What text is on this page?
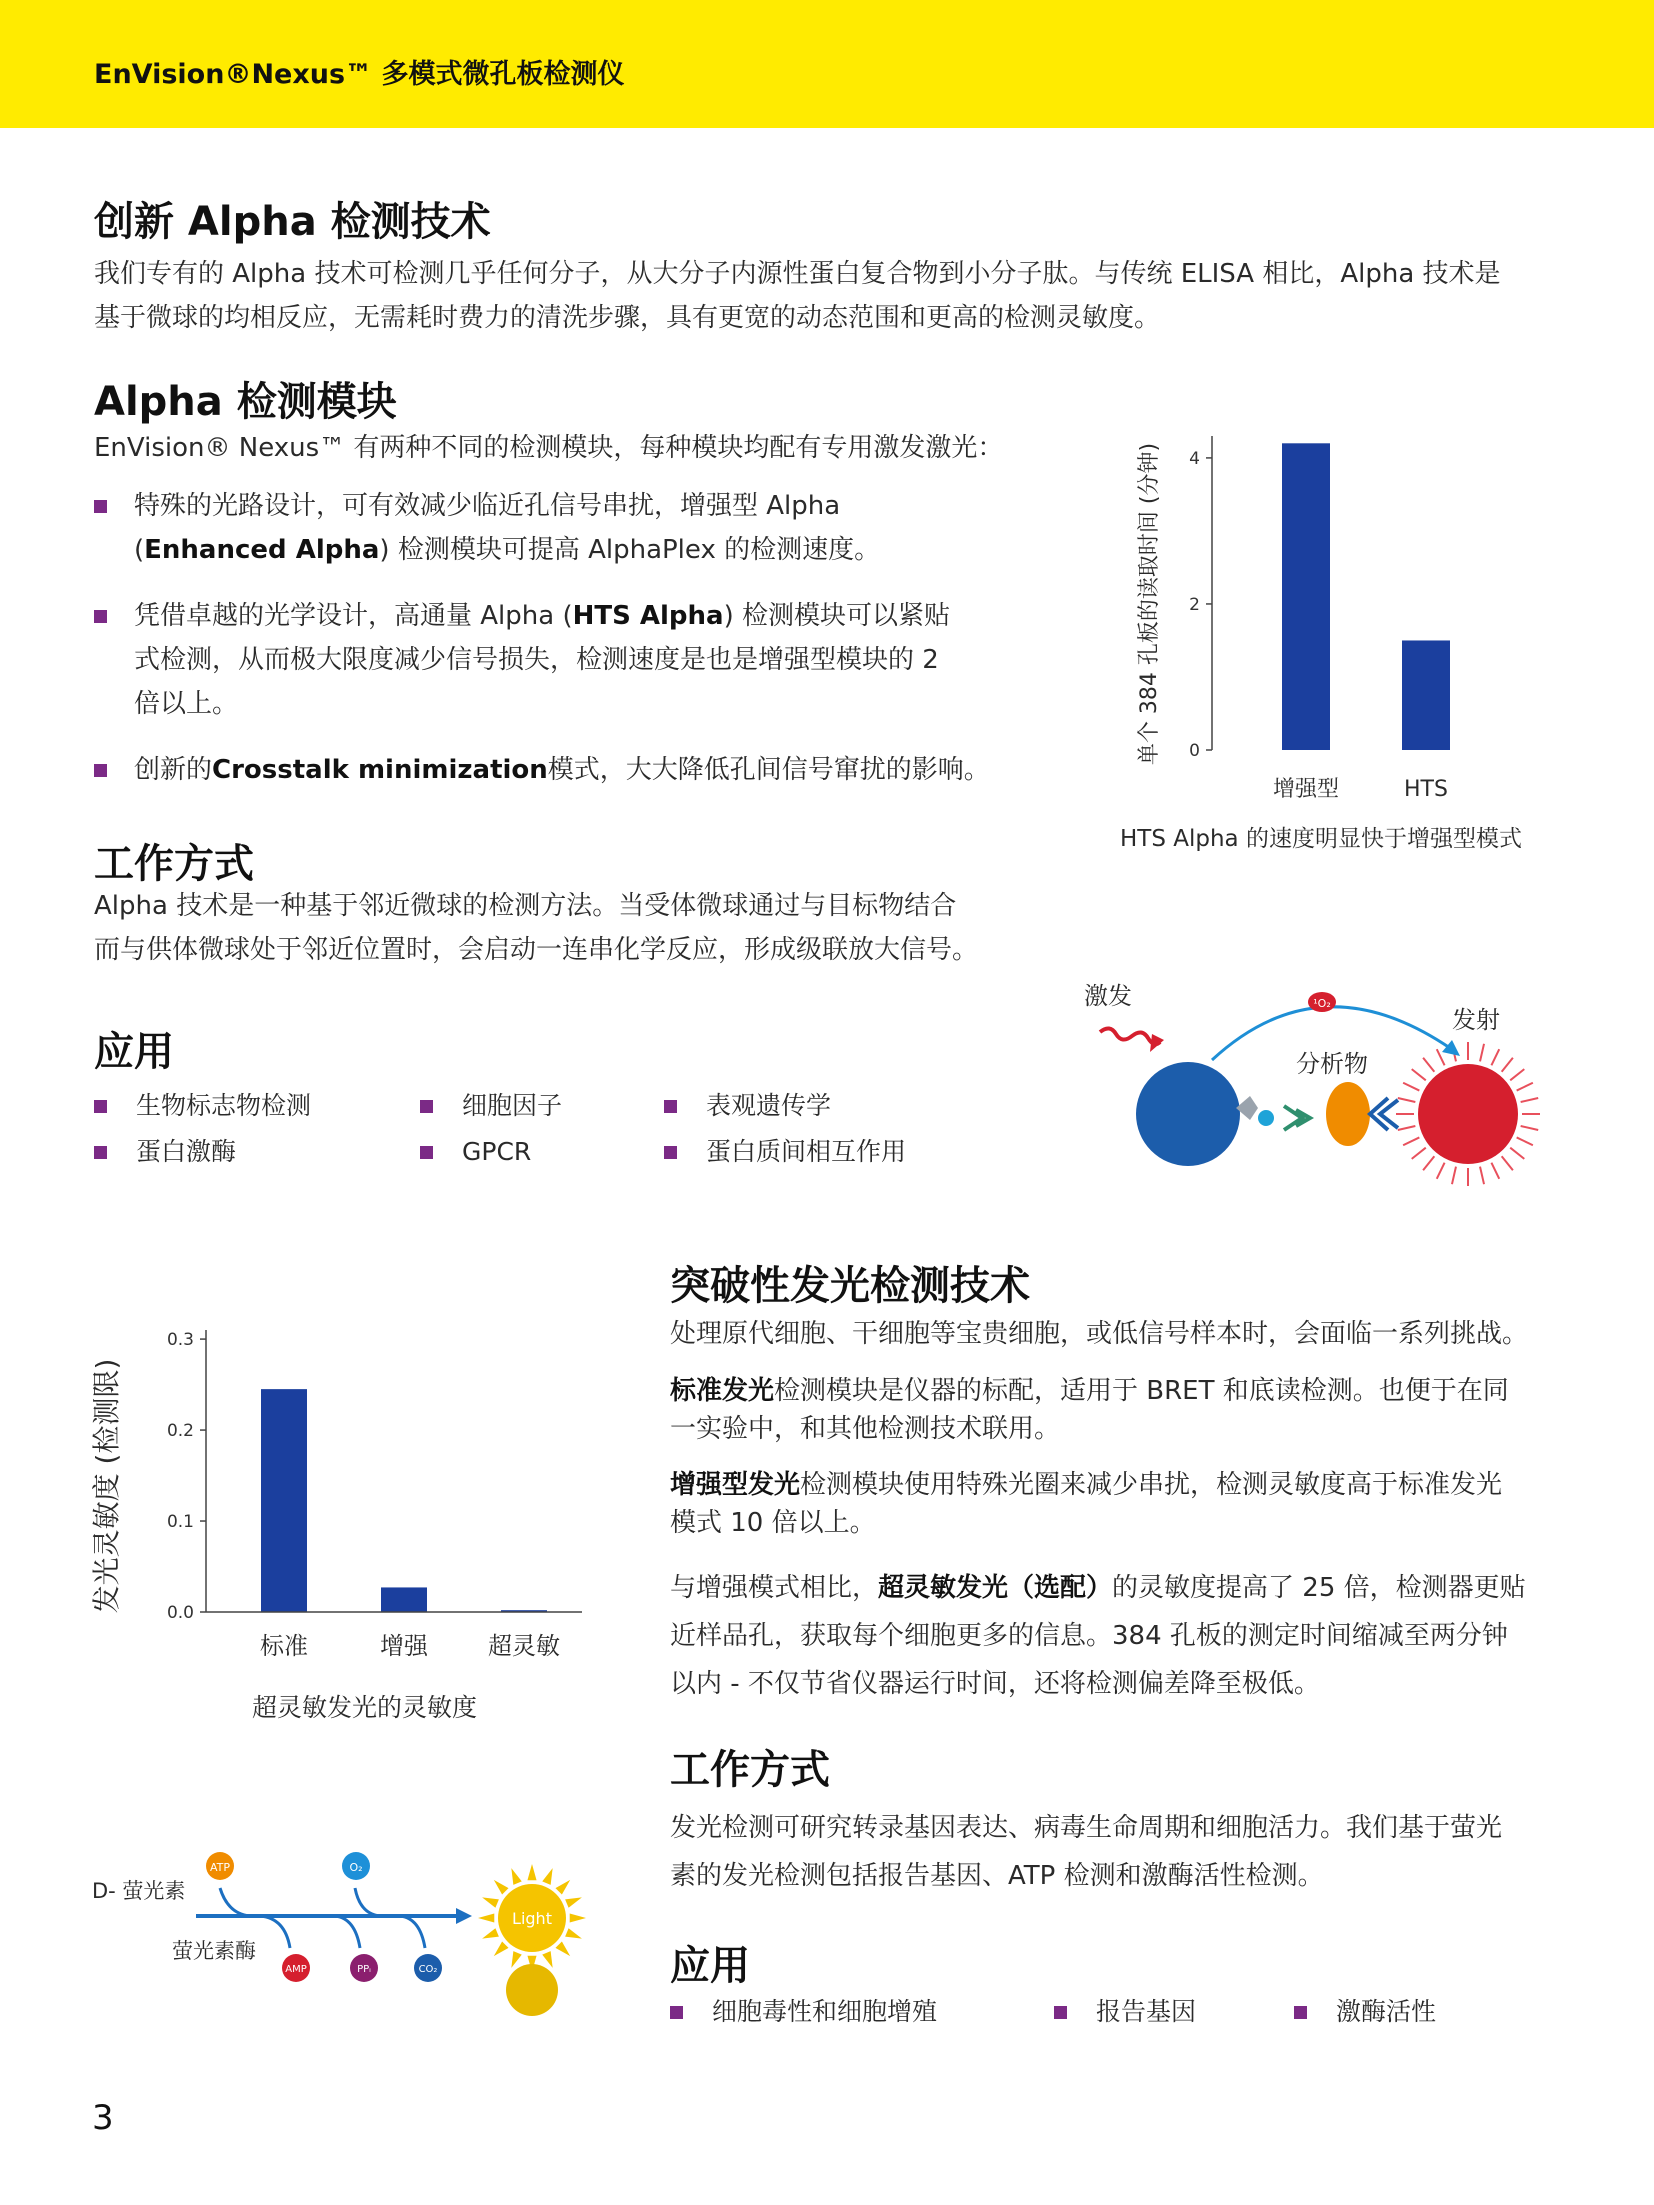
EnVision®Nexus™ 多模式微孔板检测仪
创新 Alpha 检测技术
我们专有的 Alpha 技术可检测几乎任何分子，从大分子内源性蛋白复合物到小分子肽。与传统 ELISA 相比，Alpha 技术是
基于微球的均相反应，无需耗时费力的清洗步骤，具有更宽的动态范围和更高的检测灵敏度。
Alpha 检测模块
EnVision® Nexus™ 有两种不同的检测模块，每种模块均配有专用激发激光：
特殊的光路设计，可有效减少临近孔信号串扰，增强型 Alpha
(Enhanced Alpha) 检测模块可提高 AlphaPlex 的检测速度。
凭借卓越的光学设计，高通量 Alpha (HTS Alpha) 检测模块可以紧贴
式检测，从而极大限度减少信号损失，检测速度是也是增强型模块的 2
倍以上。
创新的Crosstalk minimization模式，大大降低孔间信号窜扰的影响。
单个 384 孔板的读取时间 (分钟) 0
2
4
增强型	HTS
HTS Alpha 的速度明显快于增强型模式
工作方式
Alpha 技术是一种基于邻近微球的检测方法。当受体微球通过与目标物结合
而与供体微球处于邻近位置时，会启动一连串化学反应，形成级联放大信号。
激发
分析物
发射
¹O₂
应用
生物标志物检测	细胞因子	表观遗传学
蛋白激酶	GPCR	蛋白质间相互作用
发光灵敏度 (检测限)	0.0
0.1
0.2
0.3
标准	增强	超灵敏
超灵敏发光的灵敏度
突破性发光检测技术
处理原代细胞、干细胞等宝贵细胞，或低信号样本时，会面临一系列挑战。
标准发光检测模块是仪器的标配，适用于 BRET 和底读检测。也便于在同
一实验中，和其他检测技术联用。
增强型发光检测模块使用特殊光圈来减少串扰，检测灵敏度高于标准发光
模式 10 倍以上。
与增强模式相比，超灵敏发光（选配）的灵敏度提高了 25 倍，检测器更贴
近样品孔，获取每个细胞更多的信息。384 孔板的测定时间缩减至两分钟
以内 - 不仅节省仪器运行时间，还将检测偏差降至极低。
工作方式
发光检测可研究转录基因表达、病毒生命周期和细胞活力。我们基于萤光
素的发光检测包括报告基因、ATP 检测和激酶活性检测。
应用
细胞毒性和细胞增殖	报告基因	激酶活性
D- 萤光素
ATP	O₂
AMP	PPᵢ	CO₂
萤光素酶
Light
3
